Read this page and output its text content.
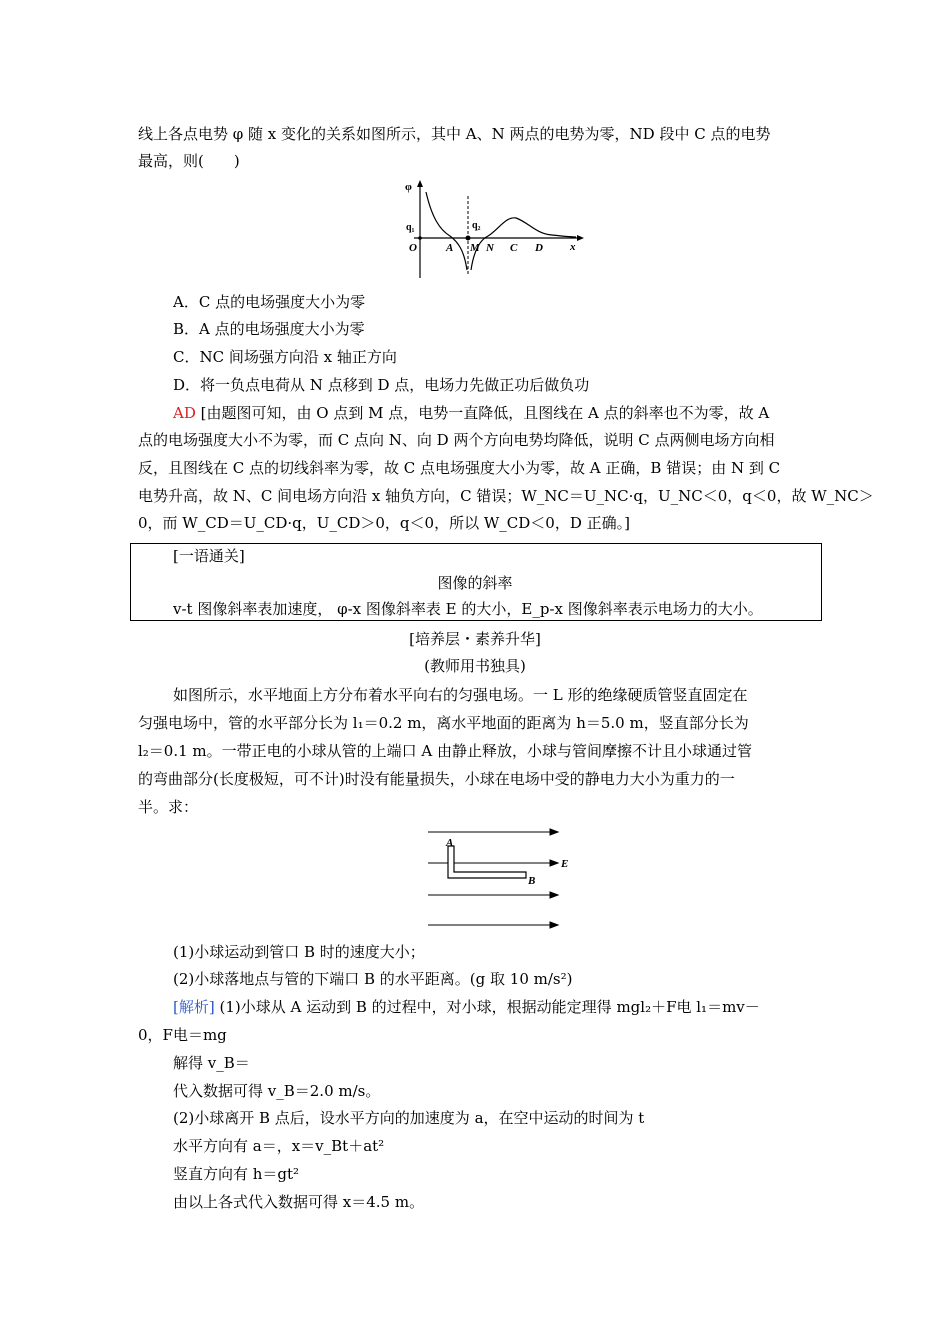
线上各点电势 φ 随 x 变化的关系如图所示，其中 A、N 两点的电势为零，ND 段中 C 点的电势
最高，则(　　)
φ
q₁	q₂
O	A M N C D x
A．C 点的电场强度大小为零
B．A 点的电场强度大小为零
C．NC 间场强方向沿 x 轴正方向
D．将一负点电荷从 N 点移到 D 点，电场力先做正功后做负功
AD [由题图可知，由 O 点到 M 点，电势一直降低，且图线在 A 点的斜率也不为零，故 A
点的电场强度大小不为零，而 C 点向 N、向 D 两个方向电势均降低，说明 C 点两侧电场方向相
反，且图线在 C 点的切线斜率为零，故 C 点电场强度大小为零，故 A 正确，B 错误；由 N 到 C
电势升高，故 N、C 间电场方向沿 x 轴负方向，C 错误；W_NC＝U_NC·q，U_NC＜0，q＜0，故 W_NC＞
0，而 W_CD＝U_CD·q，U_CD＞0，q＜0，所以 W_CD＜0，D 正确。]
[一语通关]
图像的斜率
v-t 图像斜率表加速度， φ-x 图像斜率表 E 的大小，E_p-x 图像斜率表示电场力的大小。
[培养层・素养升华]
(教师用书独具)
如图所示，水平地面上方分布着水平向右的匀强电场。一 L 形的绝缘硬质管竖直固定在
匀强电场中，管的水平部分长为 l₁＝0.2 m，离水平地面的距离为 h＝5.0 m，竖直部分长为
l₂＝0.1 m。一带正电的小球从管的上端口 A 由静止释放，小球与管间摩擦不计且小球通过管
的弯曲部分(长度极短，可不计)时没有能量损失，小球在电场中受的静电力大小为重力的一
半。求：
A
B
E
(1)小球运动到管口 B 时的速度大小；
(2)小球落地点与管的下端口 B 的水平距离。(g 取 10 m/s²)
[解析] (1)小球从 A 运动到 B 的过程中，对小球，根据动能定理得 mgl₂＋F电 l₁＝mv－
0，F电＝mg
解得 v_B＝
代入数据可得 v_B＝2.0 m/s。
(2)小球离开 B 点后，设水平方向的加速度为 a，在空中运动的时间为 t
水平方向有 a＝，x＝v_Bt＋at²
竖直方向有 h＝gt²
由以上各式代入数据可得 x＝4.5 m。
